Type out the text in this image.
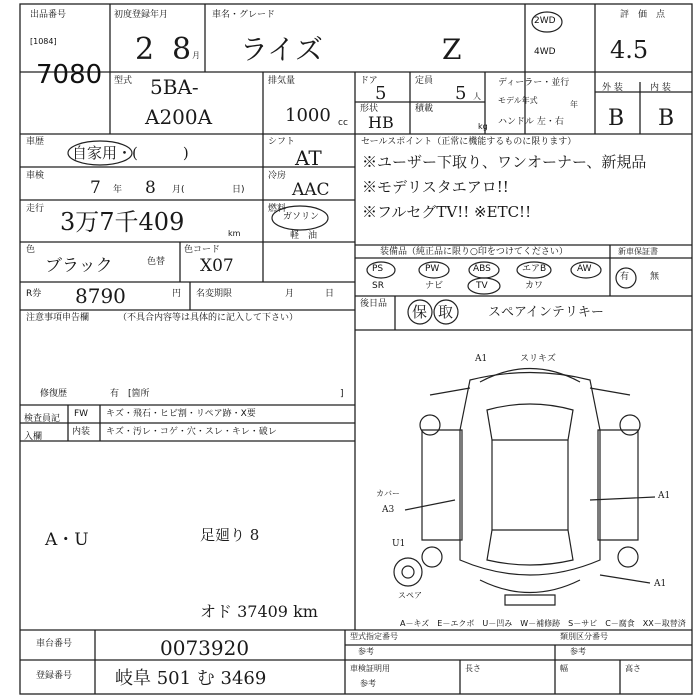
出品番号
[1084]
7080
初度登録年月
2 8 月
車名・グレード
ライズ	Z
2WD
4WD
評　価　点
4.5
型式 5BA-
A200A
排気量
1000 cc
ドア
5
定員
5 人
形状
HB
積載
kg
ディーラー・並行
モデル年式	年
ハンドル 左・右
外 装	内 装
B B
車歴
自家用・(　　　)
シフト
AT
車検
7 年 8 月(	日)
冷房
AAC
走行 3万7千409	km
燃料
ガソリン
軽　油
色
ブラック	色替
色コード
X07
R券 8790	円 名変期限	月	日
注意事項申告欄	（不具合内容等は具体的に記入して下さい）
修復歴	有　[箇所	]
検査員記入欄
FW キズ・飛石・ヒビ割・リペア跡・X要
内装 キズ・汚レ・コゲ・穴・スレ・キレ・破レ
A・U	足廻り 8
オド 37409 km
セールスポイント（正常に機能するものに限ります）
※ユーザー下取り、ワンオーナー、新規品
※モデリスタエアロ!!
※フルセグTV!! ※ETC!!
装備品（純正品に限り○印をつけてください）
PS	PW	ABS	エアB	AW
SR	ナビ	TV	カワ
新車保証書
有 無
後日品 保 取	スペアインテリキー
A1	スリキズ
カバー
A3
U1
A1
A1
スペア
A－キズ　E－エクボ　U－凹み　W－補修跡　S－サビ　C－腐食　XX－取替済
車台番号	0073920
登録番号 岐阜 501 む 3469
型式指定番号
参考
類別区分番号
参考
車検証明用
参考
長さ	幅	高さ
